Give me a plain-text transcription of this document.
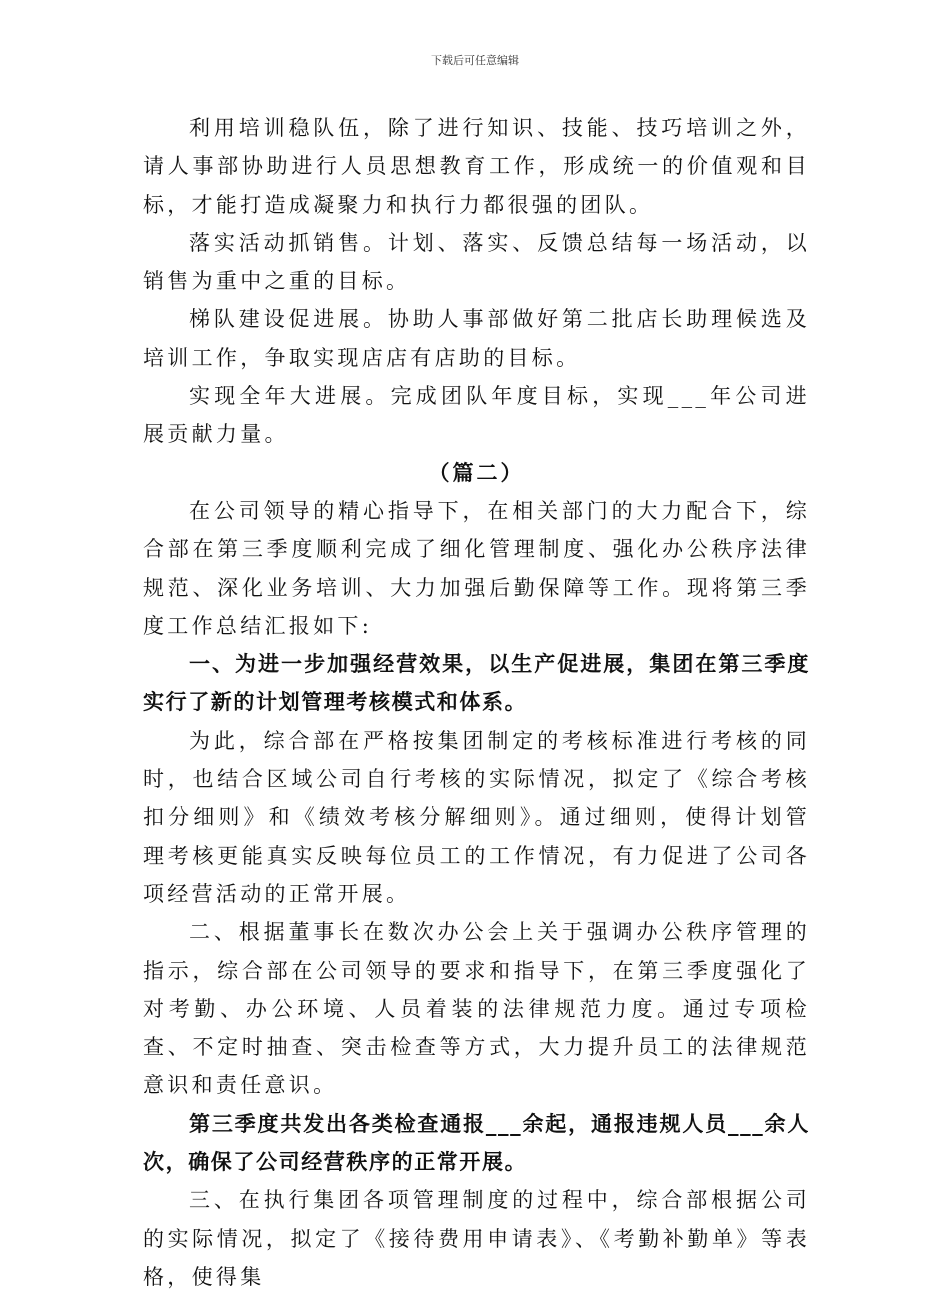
下载后可任意编辑

利用培训稳队伍，除了进行知识、技能、技巧培训之外，请人事部协助进行人员思想教育工作，形成统一的价值观和目标，才能打造成凝聚力和执行力都很强的团队。

落实活动抓销售。计划、落实、反馈总结每一场活动，以销售为重中之重的目标。

梯队建设促进展。协助人事部做好第二批店长助理候选及培训工作，争取实现店店有店助的目标。

实现全年大进展。完成团队年度目标，实现___年公司进展贡献力量。

（篇二）

在公司领导的精心指导下，在相关部门的大力配合下，综合部在第三季度顺利完成了细化管理制度、强化办公秩序法律规范、深化业务培训、大力加强后勤保障等工作。现将第三季度工作总结汇报如下:

一、为进一步加强经营效果，以生产促进展，集团在第三季度实行了新的计划管理考核模式和体系。

为此，综合部在严格按集团制定的考核标准进行考核的同时，也结合区域公司自行考核的实际情况，拟定了《综合考核扣分细则》和《绩效考核分解细则》。通过细则，使得计划管理考核更能真实反映每位员工的工作情况，有力促进了公司各项经营活动的正常开展。

二、根据董事长在数次办公会上关于强调办公秩序管理的指示，综合部在公司领导的要求和指导下，在第三季度强化了对考勤、办公环境、人员着装的法律规范力度。通过专项检查、不定时抽查、突击检查等方式，大力提升员工的法律规范意识和责任意识。

第三季度共发出各类检查通报___余起，通报违规人员___余人次，确保了公司经营秩序的正常开展。

三、在执行集团各项管理制度的过程中，综合部根据公司的实际情况，拟定了《接待费用申请表》、《考勤补勤单》等表格，使得集
